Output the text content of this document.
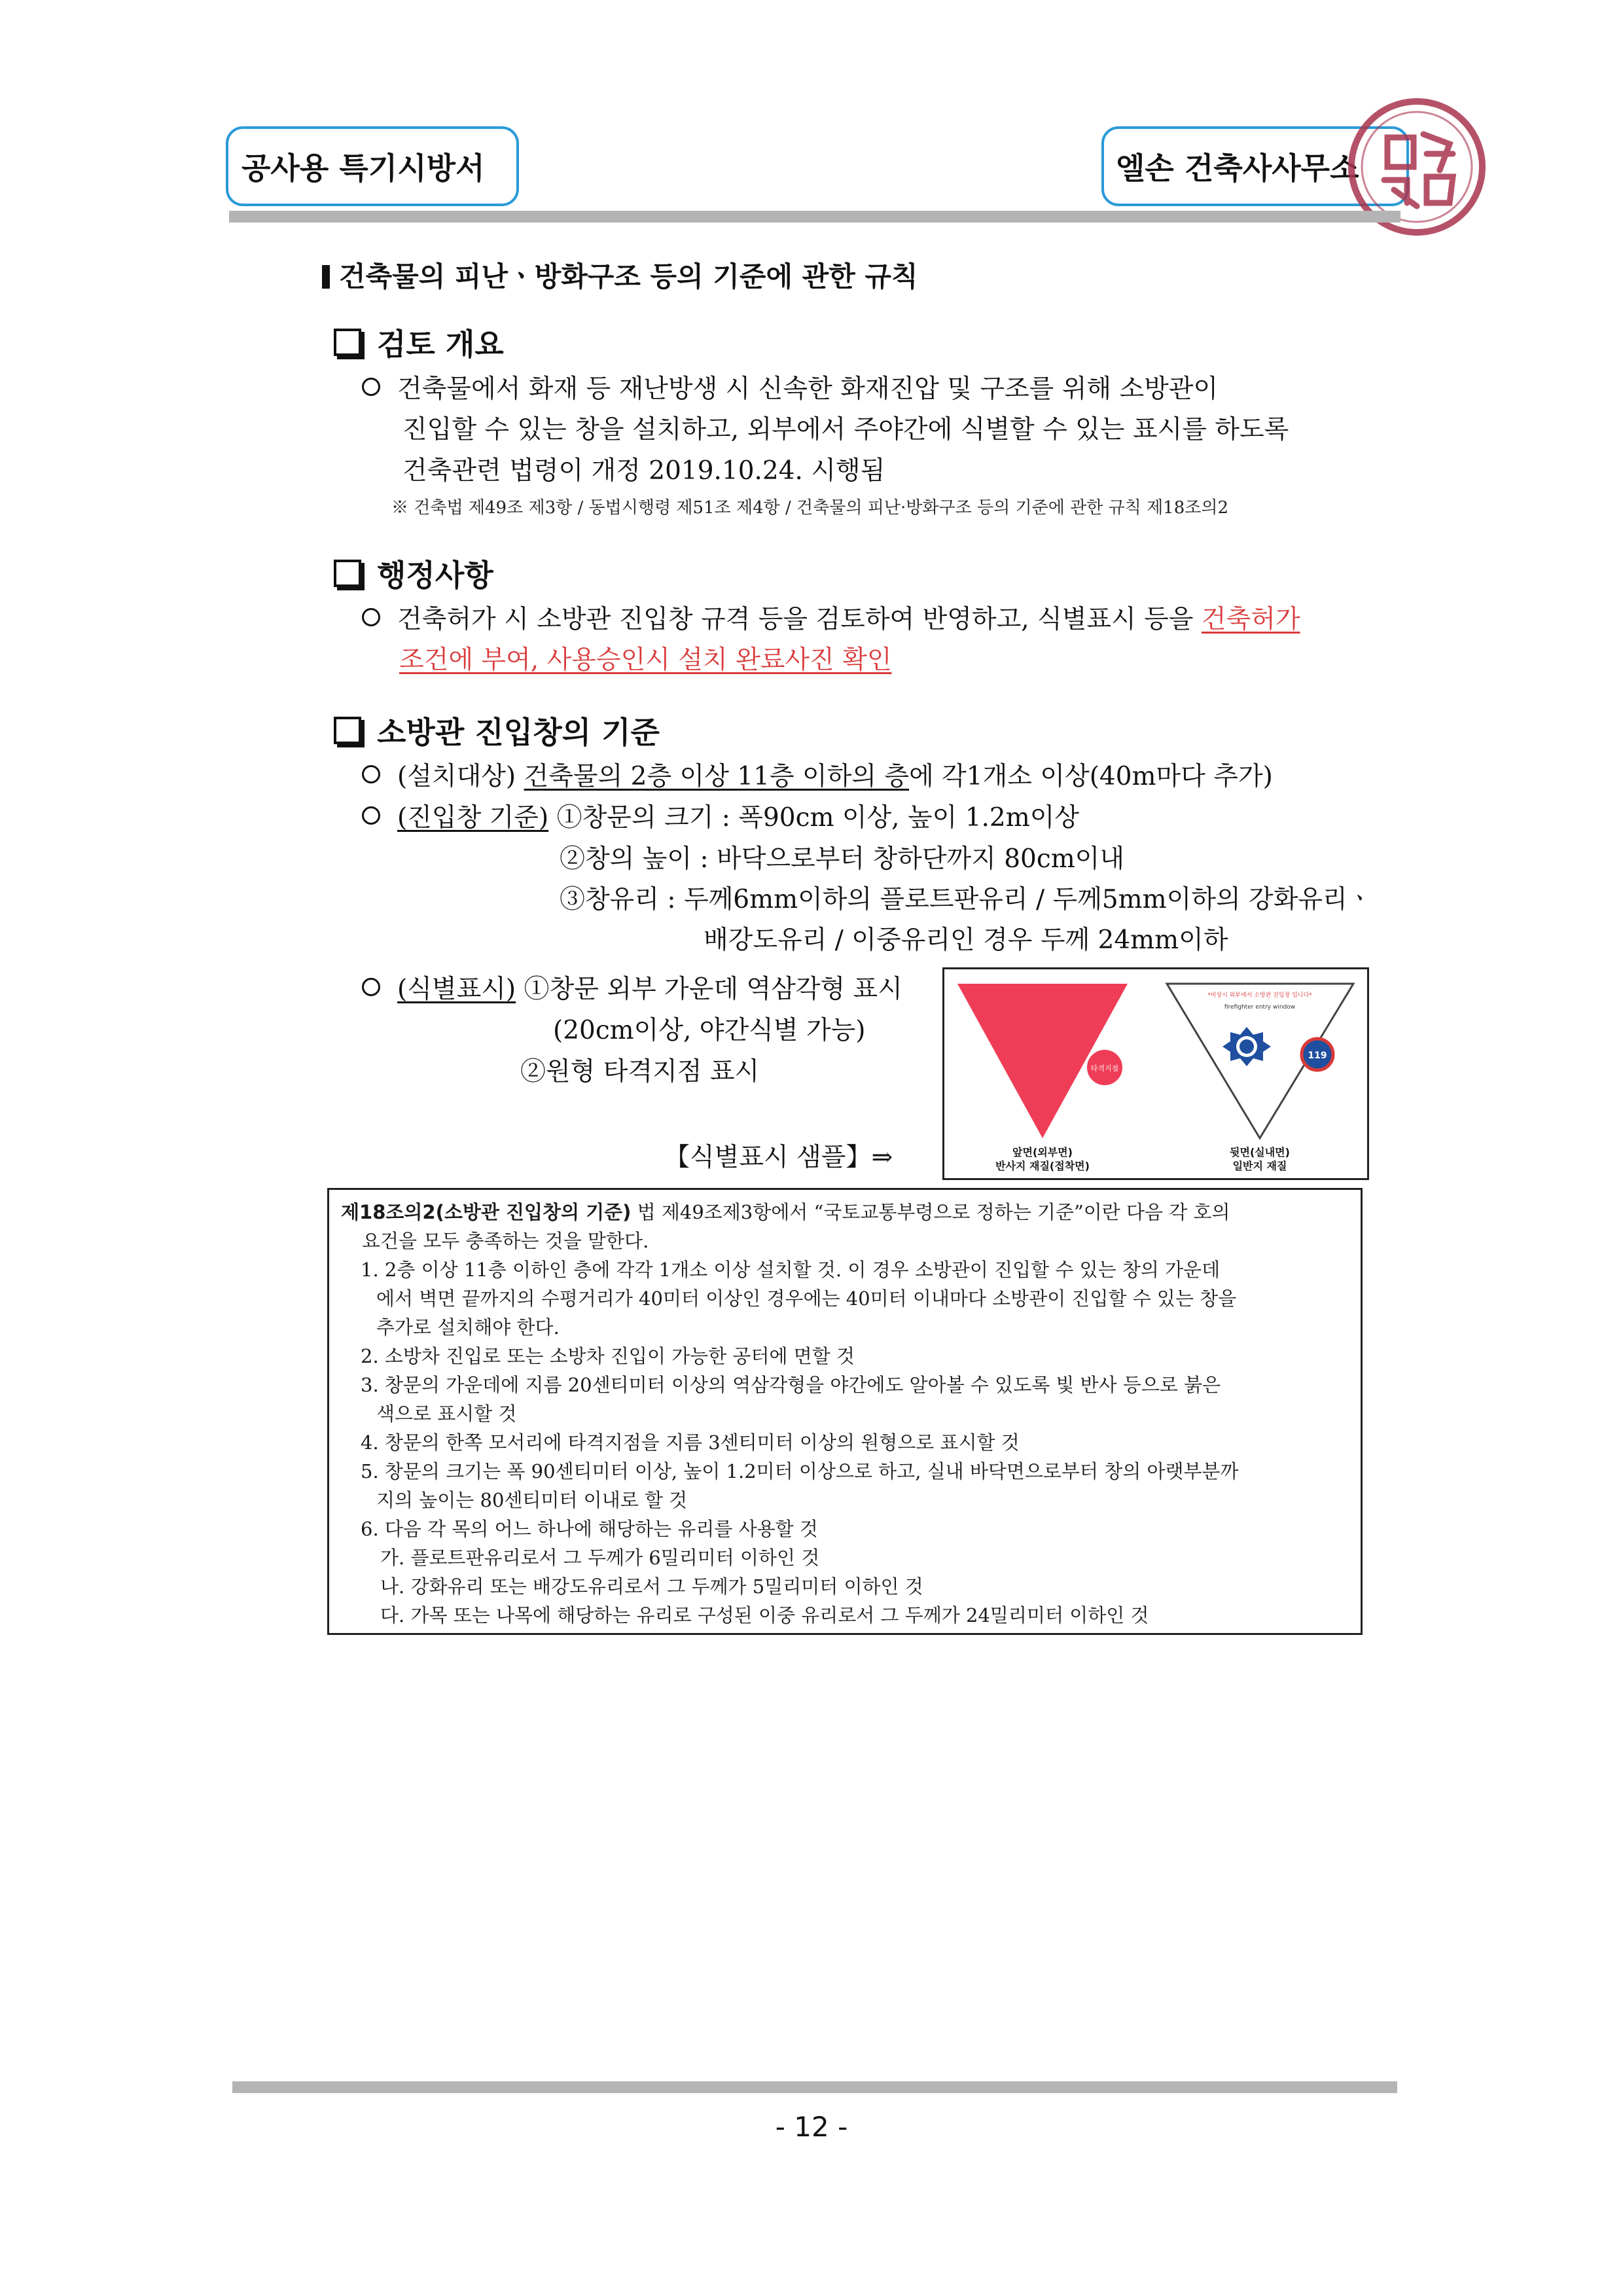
공사용 특기시방서	엘손 건축사사무소
건축물의 피난ㆍ방화구조 등의 기준에 관한 규칙
검토 개요
건축물에서 화재 등 재난방생 시 신속한 화재진압 및 구조를 위해 소방관이
진입할 수 있는 창을 설치하고, 외부에서 주야간에 식별할 수 있는 표시를 하도록
건축관련 법령이 개정 2019.10.24. 시행됨
※ 건축법 제49조 제3항 / 동법시행령 제51조 제4항 / 건축물의 피난·방화구조 등의 기준에 관한 규칙 제18조의2
행정사항
건축허가 시 소방관 진입창 규격 등을 검토하여 반영하고, 식별표시 등을 건축허가
조건에 부여, 사용승인시 설치 완료사진 확인
소방관 진입창의 기준
(설치대상) 건축물의 2층 이상 11층 이하의 층에 각1개소 이상(40m마다 추가)
(진입창 기준) ①창문의 크기 : 폭90cm 이상, 높이 1.2m이상
②창의 높이 : 바닥으로부터 창하단까지 80cm이내
③창유리 : 두께6mm이하의 플로트판유리 / 두께5mm이하의 강화유리ㆍ
배강도유리 / 이중유리인 경우 두께 24mm이하
(식별표시) ①창문 외부 가운데 역삼각형 표시
(20cm이상, 야간식별 가능)
②원형 타격지점 표시
【식별표시 샘플】⇒
타격지점
*비상시 외부에서 소방관 진입창 입니다*
firefighter entry window
119
앞면(외부면)
반사지 재질(접착면)
뒷면(실내면)
일반지 재질
제18조의2(소방관 진입창의 기준) 법 제49조제3항에서 “국토교통부령으로 정하는 기준”이란 다음 각 호의
요건을 모두 충족하는 것을 말한다.
1. 2층 이상 11층 이하인 층에 각각 1개소 이상 설치할 것. 이 경우 소방관이 진입할 수 있는 창의 가운데
에서 벽면 끝까지의 수평거리가 40미터 이상인 경우에는 40미터 이내마다 소방관이 진입할 수 있는 창을
추가로 설치해야 한다.
2. 소방차 진입로 또는 소방차 진입이 가능한 공터에 면할 것
3. 창문의 가운데에 지름 20센티미터 이상의 역삼각형을 야간에도 알아볼 수 있도록 빛 반사 등으로 붉은
색으로 표시할 것
4. 창문의 한쪽 모서리에 타격지점을 지름 3센티미터 이상의 원형으로 표시할 것
5. 창문의 크기는 폭 90센티미터 이상, 높이 1.2미터 이상으로 하고, 실내 바닥면으로부터 창의 아랫부분까
지의 높이는 80센티미터 이내로 할 것
6. 다음 각 목의 어느 하나에 해당하는 유리를 사용할 것
가. 플로트판유리로서 그 두께가 6밀리미터 이하인 것
나. 강화유리 또는 배강도유리로서 그 두께가 5밀리미터 이하인 것
다. 가목 또는 나목에 해당하는 유리로 구성된 이중 유리로서 그 두께가 24밀리미터 이하인 것
- 12 -
